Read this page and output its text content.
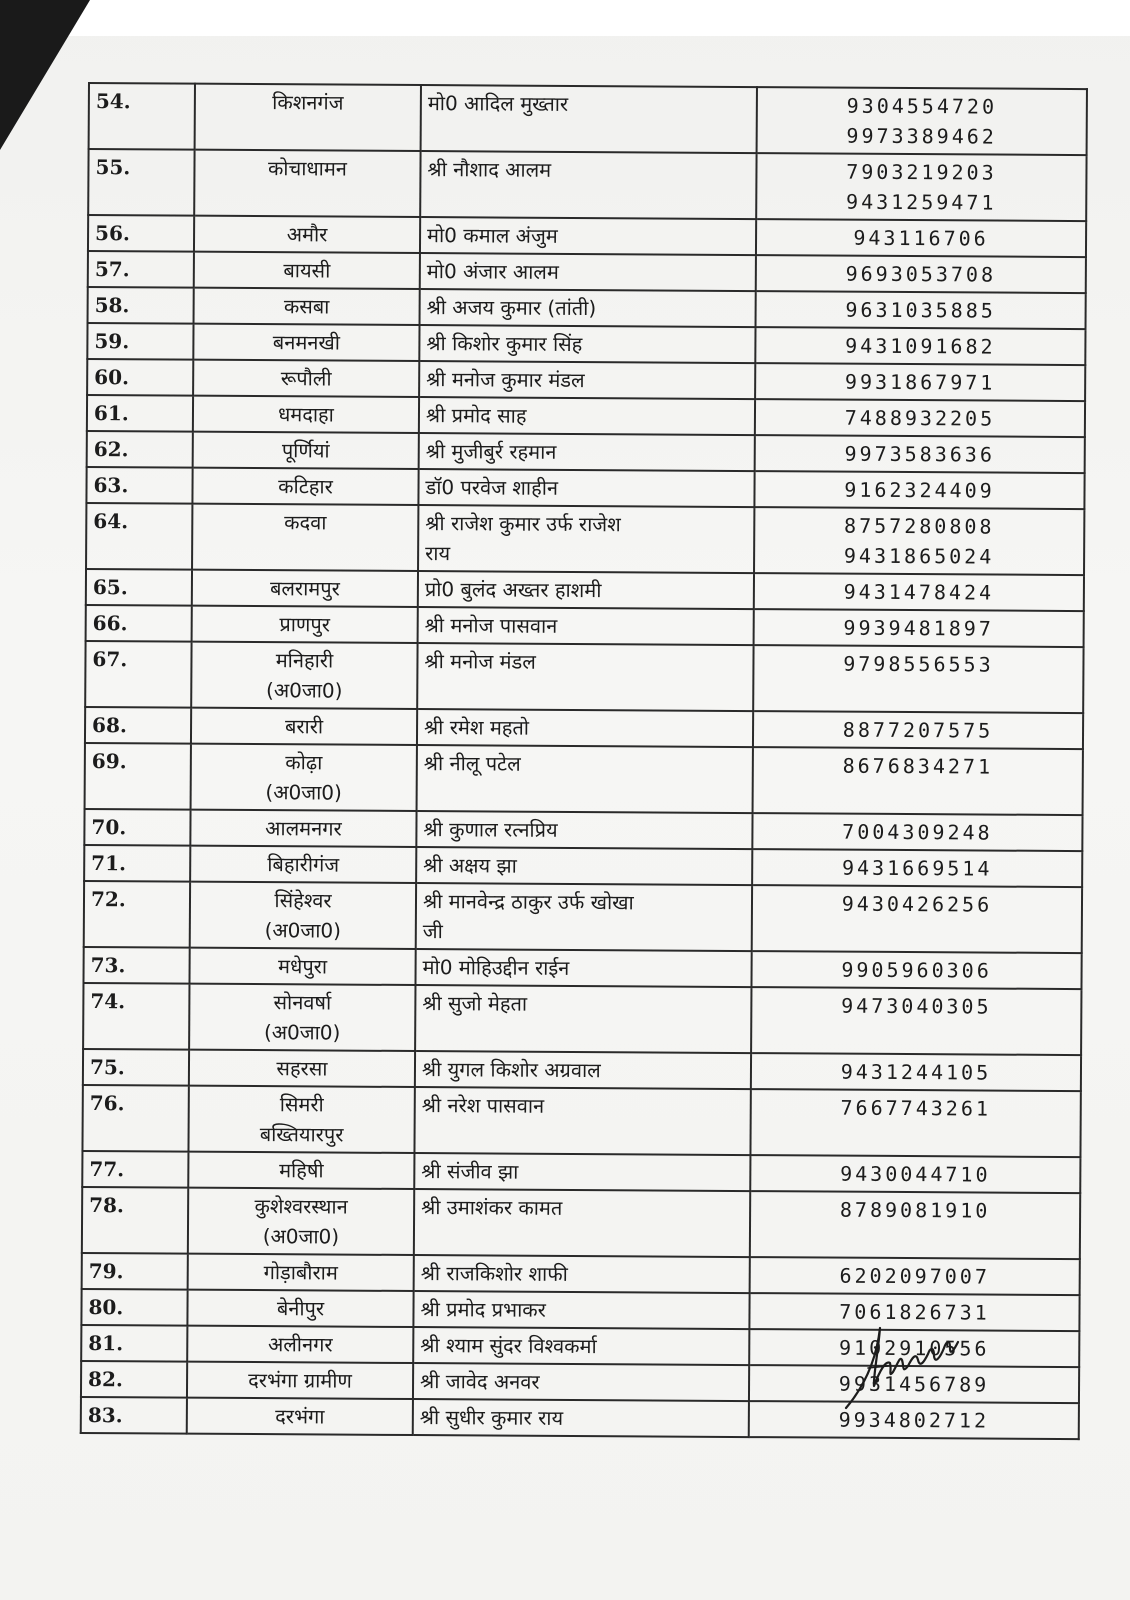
54.	किशनगंज	मो0 आदिल मुख्तार	9304554720
9973389462

55.	कोचाधामन	श्री नौशाद आलम	7903219203
9431259471

56.	अमौर	मो0 कमाल अंजुम	943116706

57.	बायसी	मो0 अंजार आलम	9693053708

58.	कसबा	श्री अजय कुमार (तांती)	9631035885

59.	बनमनखी	श्री किशोर कुमार सिंह	9431091682

60.	रूपौली	श्री मनोज कुमार मंडल	9931867971

61.	धमदाहा	श्री प्रमोद साह	7488932205

62.	पूर्णियां	श्री मुजीबुर्र रहमान	9973583636

63.	कटिहार	डॉ0 परवेज शाहीन	9162324409

64.	कदवा	श्री राजेश कुमार उर्फ राजेश
राय	8757280808
9431865024

65.	बलरामपुर	प्रो0 बुलंद अख्तर हाशमी	9431478424

66.	प्राणपुर	श्री मनोज पासवान	9939481897

67.	मनिहारी
(अ0जा0)	श्री मनोज मंडल	9798556553

68.	बरारी	श्री रमेश महतो	8877207575

69.	कोढ़ा
(अ0जा0)	श्री नीलू पटेल	8676834271

70.	आलमनगर	श्री कुणाल रत्नप्रिय	7004309248

71.	बिहारीगंज	श्री अक्षय झा	9431669514

72.	सिंहेश्वर
(अ0जा0)	श्री मानवेन्द्र ठाकुर उर्फ खोखा
जी	9430426256

73.	मधेपुरा	मो0 मोहिउद्दीन राईन	9905960306

74.	सोनवर्षा
(अ0जा0)	श्री सुजो मेहता	9473040305

75.	सहरसा	श्री युगल किशोर अग्रवाल	9431244105

76.	सिमरी
बख्तियारपुर	श्री नरेश पासवान	7667743261

77.	महिषी	श्री संजीव झा	9430044710

78.	कुशेश्वरस्थान
(अ0जा0)	श्री उमाशंकर कामत	8789081910

79.	गोड़ाबौराम	श्री राजकिशोर शाफी	6202097007

80.	बेनीपुर	श्री प्रमोद प्रभाकर	7061826731

81.	अलीनगर	श्री श्याम सुंदर विश्वकर्मा	9102910556

82.	दरभंगा ग्रामीण	श्री जावेद अनवर	9931456789

83.	दरभंगा	श्री सुधीर कुमार राय	9934802712
